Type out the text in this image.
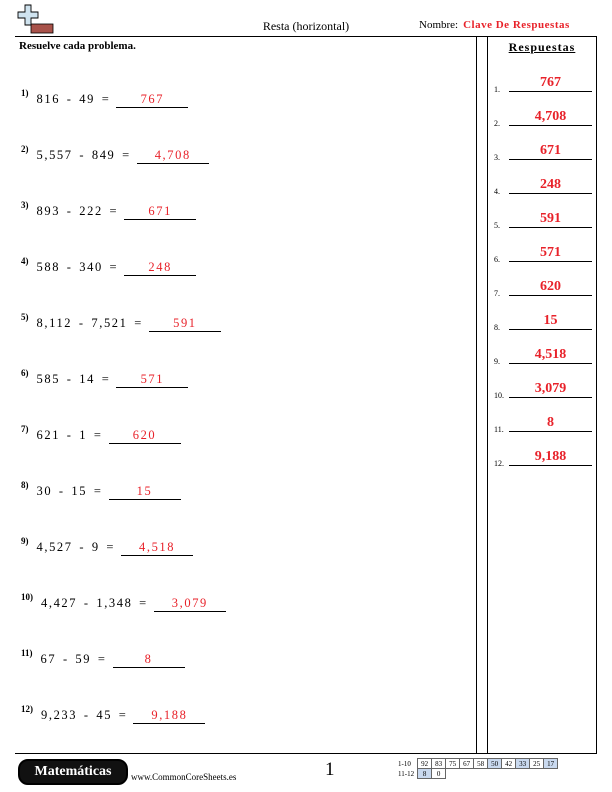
Resta (horizontal)	Nombre: Clave De Respuestas
Resuelve cada problema.	Respuestas
1) 816 - 49 = 767
2) 5,557 - 849 = 4,708
3) 893 - 222 = 671
4) 588 - 340 = 248
5) 8,112 - 7,521 = 591
6) 585 - 14 = 571
7) 621 - 1 = 620
8) 30 - 15 =	15
9) 4,527 - 9 = 4,518
10) 4,427 - 1,348 = 3,079
11) 67 - 59 =	8
12) 9,233 - 45 = 9,188
1.	767
2.	4,708
3.	671
4.	248
5.	591
6.	571
7.	620
8.	15
9.	4,518
10.	3,079
11.	8
12.	9,188
Matemáticas	www.CommonCoreSheets.es	1	1-10	92	83	75	67	58	50	42	33	25	17
11-12	8	0								
